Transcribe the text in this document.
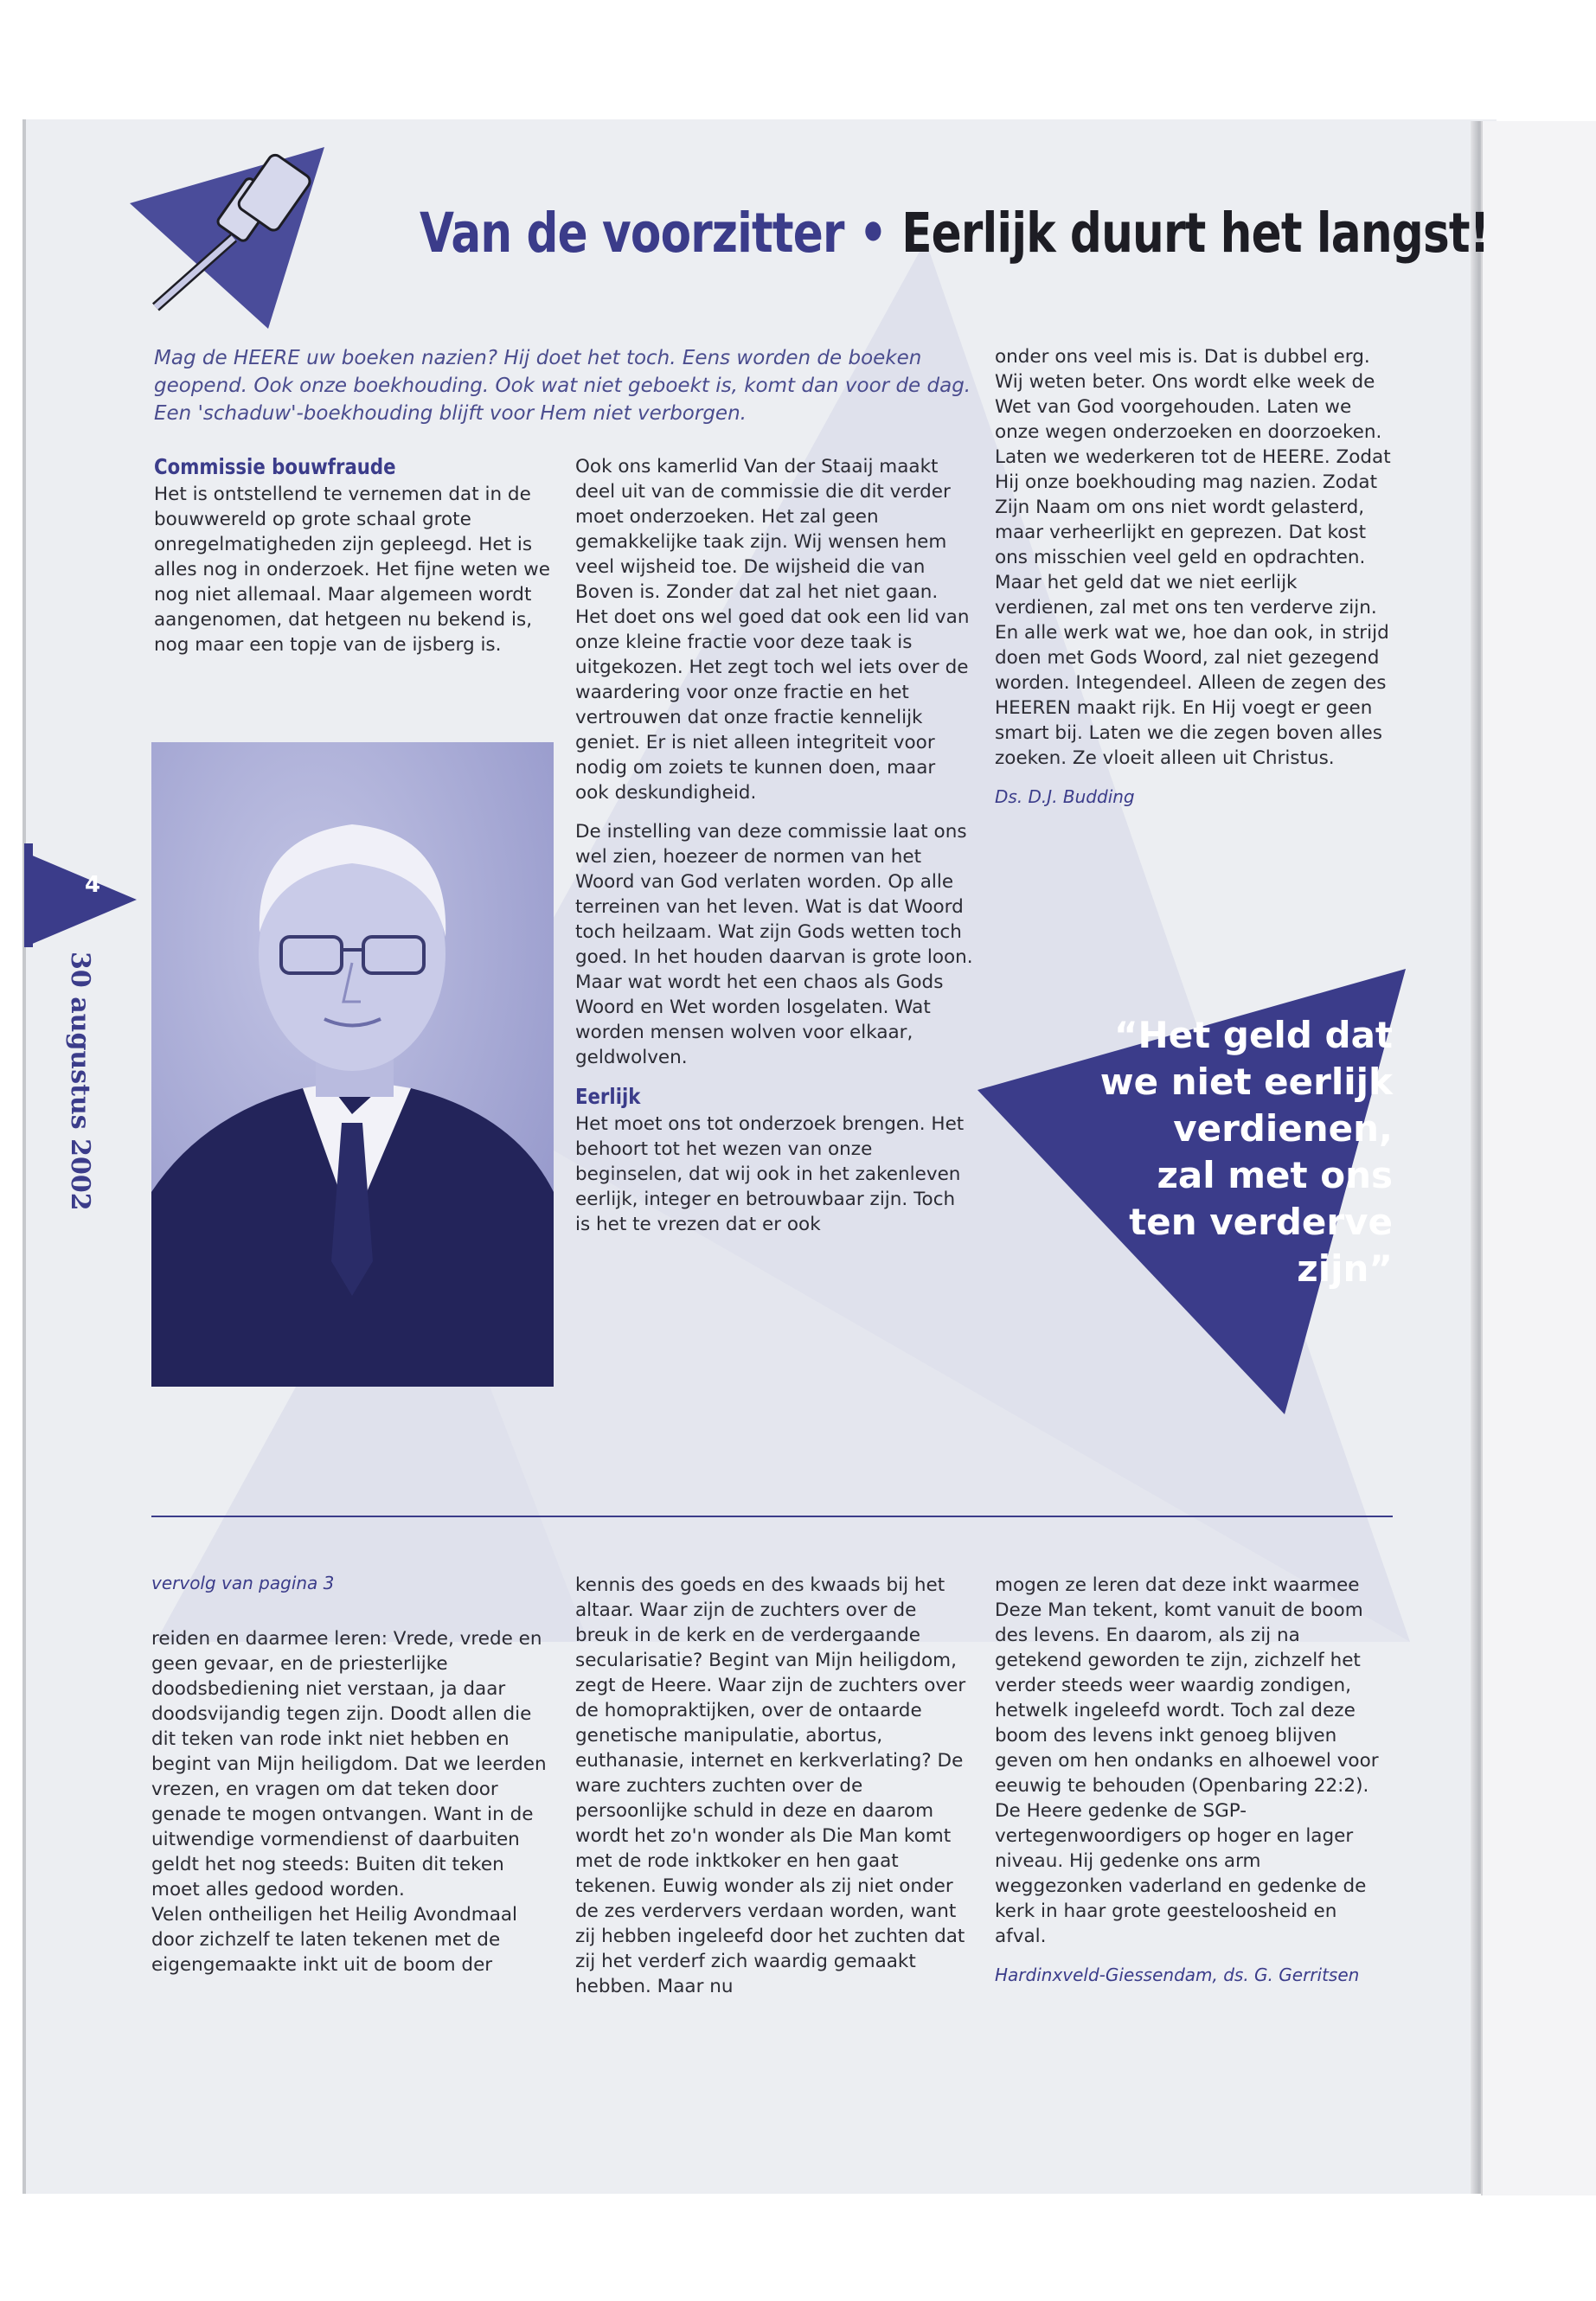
Van de voorzitter • Eerlijk duurt het langst!
Mag de HEERE uw boeken nazien? Hij doet het toch. Eens worden de boeken geopend. Ook onze boekhouding. Ook wat niet geboekt is, komt dan voor de dag. Een 'schaduw'-boekhouding blijft voor Hem niet verborgen.
4
30 augustus 2002
Commissie bouwfraude

Het is ontstellend te vernemen dat in de bouwwereld op grote schaal grote onregelmatigheden zijn gepleegd. Het is alles nog in onderzoek. Het fijne weten we nog niet allemaal. Maar algemeen wordt aangenomen, dat hetgeen nu bekend is, nog maar een topje van de ijsberg is.

Ook ons kamerlid Van der Staaij maakt deel uit van de commissie die dit verder moet onderzoeken. Het zal geen gemakkelijke taak zijn. Wij wensen hem veel wijsheid toe. De wijsheid die van Boven is. Zonder dat zal het niet gaan. Het doet ons wel goed dat ook een lid van onze kleine fractie voor deze taak is uitgekozen. Het zegt toch wel iets over de waardering voor onze fractie en het vertrouwen dat onze fractie kennelijk geniet. Er is niet alleen integriteit voor nodig om zoiets te kunnen doen, maar ook deskundigheid.

De instelling van deze commissie laat ons wel zien, hoezeer de normen van het Woord van God verlaten worden. Op alle terreinen van het leven. Wat is dat Woord toch heilzaam. Wat zijn Gods wetten toch goed. In het houden daarvan is grote loon.

Maar wat wordt het een chaos als Gods Woord en Wet worden losgelaten. Wat worden mensen wolven voor elkaar, geldwolven.

Eerlijk

Het moet ons tot onderzoek brengen. Het behoort tot het wezen van onze beginselen, dat wij ook in het zakenleven eerlijk, integer en betrouwbaar zijn. Toch is het te vrezen dat er ook

onder ons veel mis is. Dat is dubbel erg. Wij weten beter. Ons wordt elke week de Wet van God voorgehouden. Laten we onze wegen onderzoeken en doorzoeken. Laten we wederkeren tot de HEERE. Zodat Hij onze boekhouding mag nazien. Zodat Zijn Naam om ons niet wordt gelasterd, maar verheerlijkt en geprezen. Dat kost ons misschien veel geld en opdrachten. Maar het geld dat we niet eerlijk verdienen, zal met ons ten verderve zijn. En alle werk wat we, hoe dan ook, in strijd doen met Gods Woord, zal niet gezegend worden. Integendeel. Alleen de zegen des HEEREN maakt rijk. En Hij voegt er geen smart bij. Laten we die zegen boven alles zoeken. Ze vloeit alleen uit Christus.

Ds. D.J. Budding

“Het geld dat
we niet eerlijk
verdienen,
zal met ons
ten verderve
zijn”
vervolg van pagina 3

reiden en daarmee leren: Vrede, vrede en geen gevaar, en de priesterlijke doodsbediening niet verstaan, ja daar doodsvijandig tegen zijn. Doodt allen die dit teken van rode inkt niet hebben en begint van Mijn heiligdom. Dat we leerden vrezen, en vragen om dat teken door genade te mogen ontvangen. Want in de uitwendige vormendienst of daarbuiten geldt het nog steeds: Buiten dit teken moet alles gedood worden.

Velen ontheiligen het Heilig Avondmaal door zichzelf te laten tekenen met de eigengemaakte inkt uit de boom der

kennis des goeds en des kwaads bij het altaar. Waar zijn de zuchters over de breuk in de kerk en de verdergaande secularisatie? Begint van Mijn heiligdom, zegt de Heere. Waar zijn de zuchters over de homopraktijken, over de ontaarde genetische manipulatie, abortus, euthanasie, internet en kerkverlating? De ware zuchters zuchten over de persoonlijke schuld in deze en daarom wordt het zo'n wonder als Die Man komt met de rode inktkoker en hen gaat tekenen. Euwig wonder als zij niet onder de zes verdervers verdaan worden, want zij hebben ingeleefd door het zuchten dat zij het verderf zich waardig gemaakt hebben. Maar nu

mogen ze leren dat deze inkt waarmee Deze Man tekent, komt vanuit de boom des levens. En daarom, als zij na getekend geworden te zijn, zichzelf het verder steeds weer waardig zondigen, hetwelk ingeleefd wordt. Toch zal deze boom des levens inkt genoeg blijven geven om hen ondanks en alhoewel voor eeuwig te behouden (Openbaring 22:2).

De Heere gedenke de SGP-vertegenwoordigers op hoger en lager niveau. Hij gedenke ons arm weggezonken vaderland en gedenke de kerk in haar grote geesteloosheid en afval.

Hardinxveld-Giessendam, ds. G. Gerritsen
